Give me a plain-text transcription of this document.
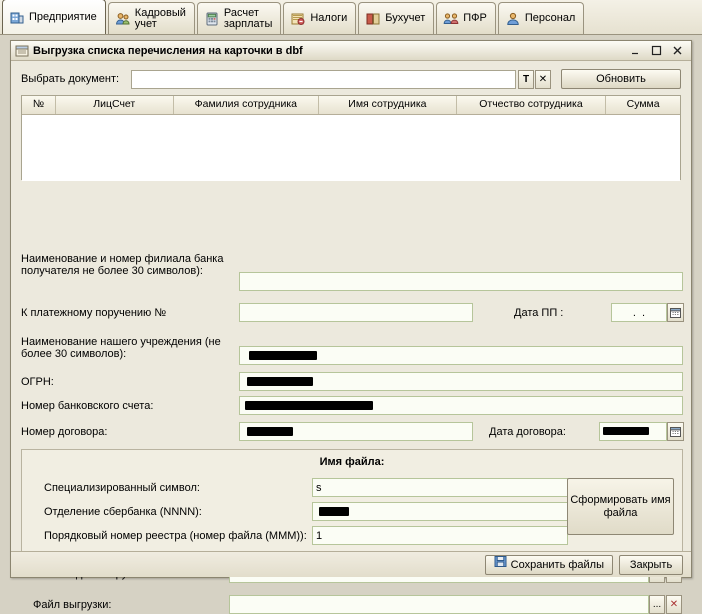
Предприятие	Кадровый
учет
Расчет
зарплаты	Налоги	Бухучет	ПФР	Персонал
Выгрузка списка перечисления на карточки в dbf
Выбрать документ:	T ✕	Обновить
№	ЛицСчет	Фамилия сотрудника	Имя сотрудника	Отчество сотрудника	Сумма
Наименование и номер филиала банка получателя не более 30 символов):
К платежному поручению №	Дата ПП :
. .
Наименование нашего учреждения (не более 30 символов):
ОГРН:
Номер банковского счета:
Номер договора:	Дата договора:
Имя файла:
Специализированный символ:
s
Отделение сбербанка (NNNN):
Порядковый номер реестра (номер файла (МММ)):
1
Сформировать имя файла
Z:\
Файл выгрузки:	... ✕
Сохранить файлы	Закрыть
